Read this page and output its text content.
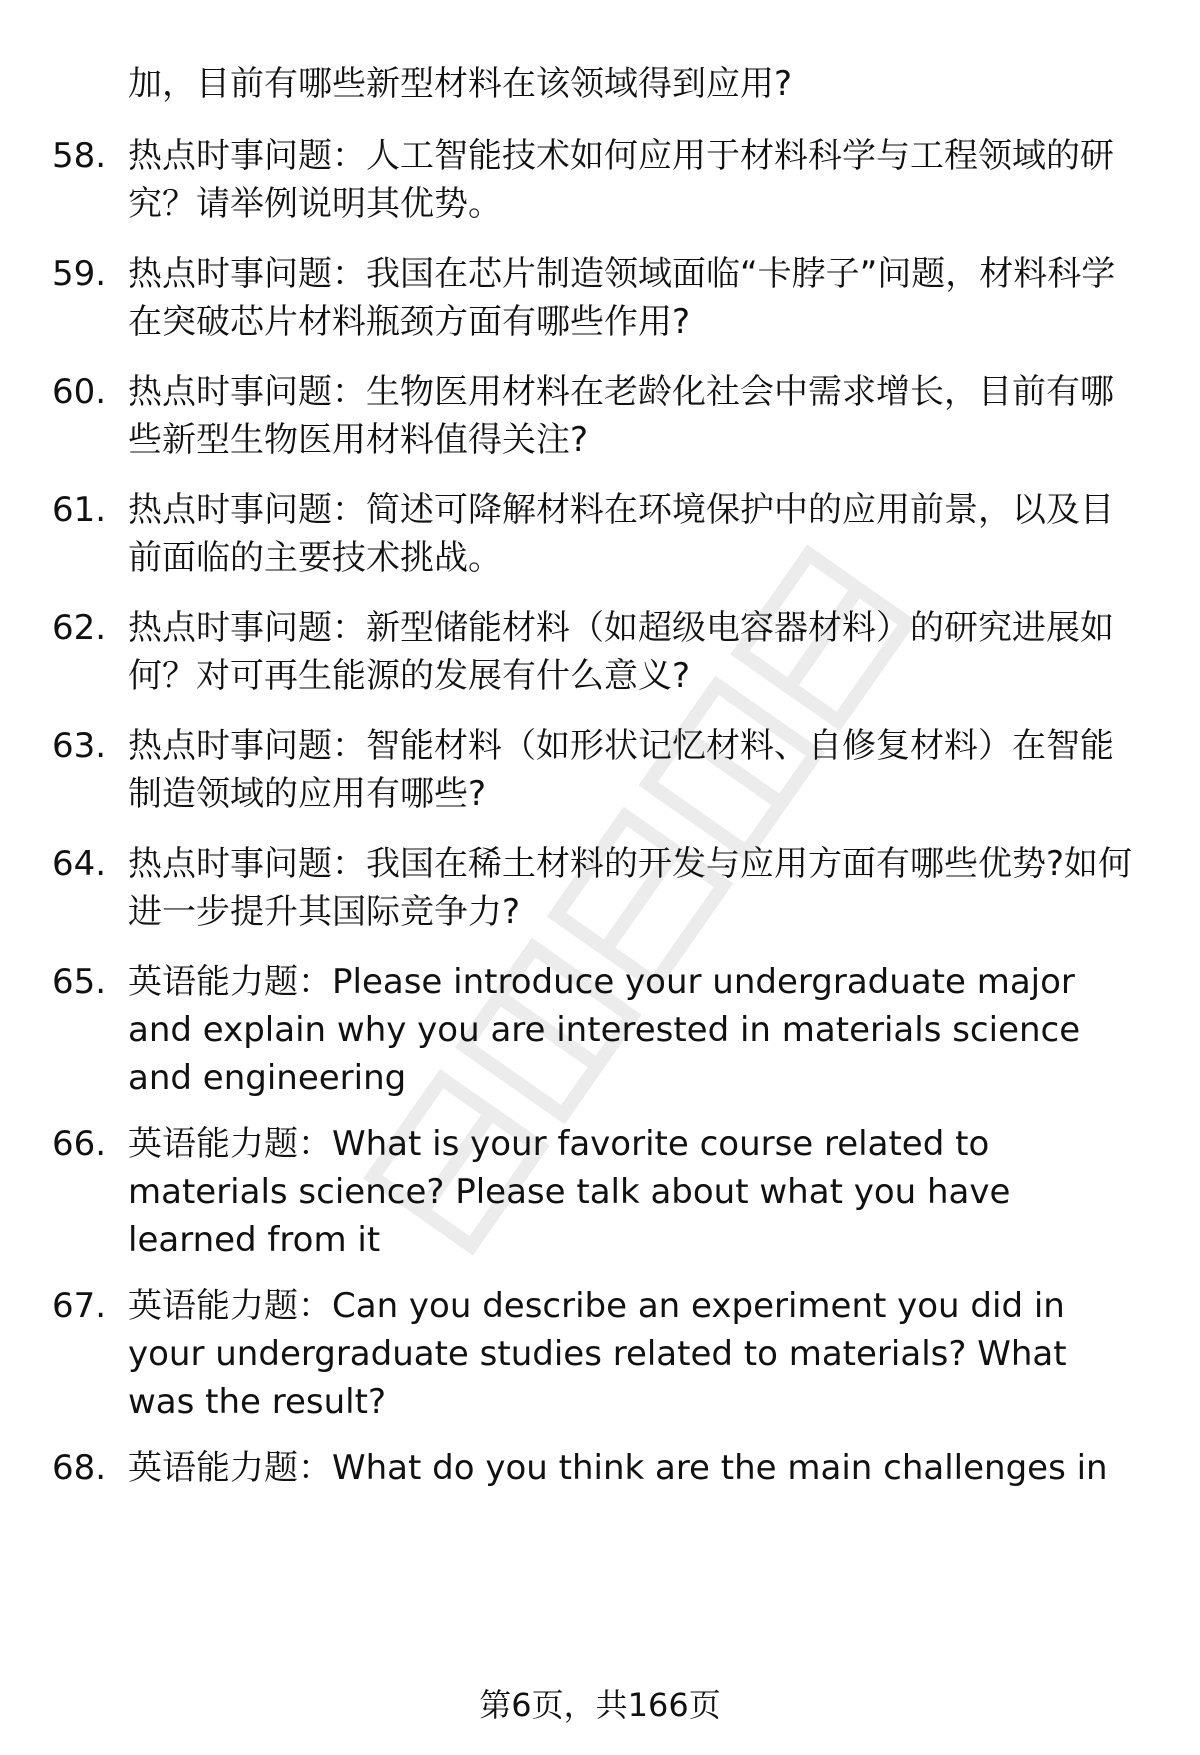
加，目前有哪些新型材料在该领域得到应用?
58. 热点时事问题：人工智能技术如何应用于材料科学与工程领域的研究？请举例说明其优势。
59. 热点时事问题：我国在芯片制造领域面临“卡脖子”问题，材料科学在突破芯片材料瓶颈方面有哪些作用?
60. 热点时事问题：生物医用材料在老龄化社会中需求增长，目前有哪些新型生物医用材料值得关注?
61. 热点时事问题：简述可降解材料在环境保护中的应用前景，以及目前面临的主要技术挑战。
62. 热点时事问题：新型储能材料（如超级电容器材料）的研究进展如何？对可再生能源的发展有什么意义?
63. 热点时事问题：智能材料（如形状记忆材料、自修复材料）在智能制造领域的应用有哪些?
64. 热点时事问题：我国在稀土材料的开发与应用方面有哪些优势?如何进一步提升其国际竞争力?
65. 英语能力题：Please introduce your undergraduate major and explain why you are interested in materials science and engineering
66. 英语能力题：What is your favorite course related to materials science? Please talk about what you have learned from it
67. 英语能力题：Can you describe an experiment you did in your undergraduate studies related to materials? What was the result?
68. 英语能力题：What do you think are the main challenges in
第6页，共166页
